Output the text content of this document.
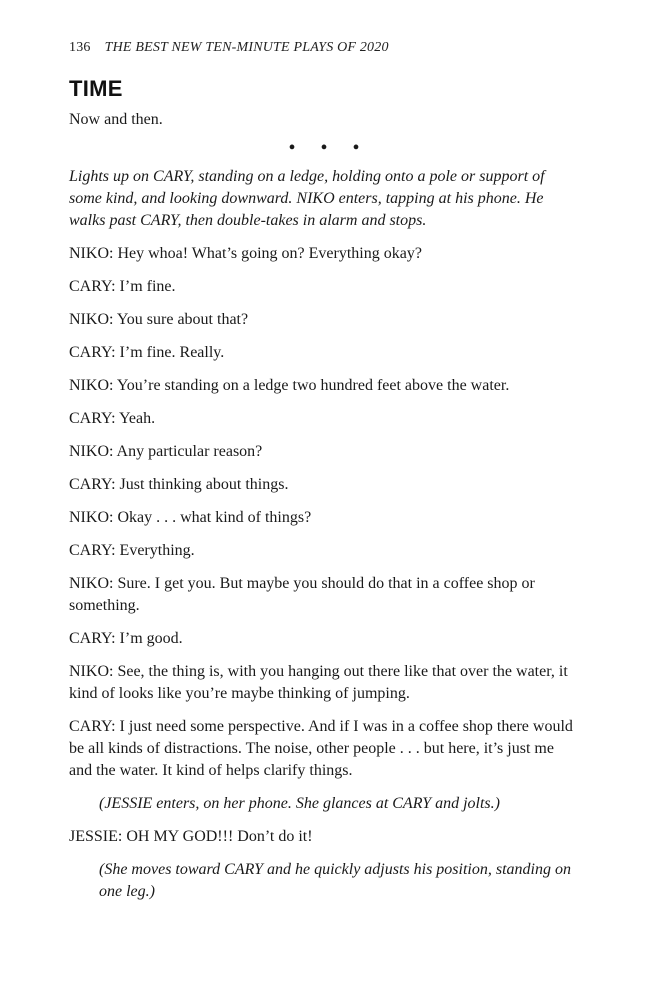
136 THE BEST NEW TEN-MINUTE PLAYS OF 2020
TIME

Now and then.

• • •

Lights up on CARY, standing on a ledge, holding onto a pole or support of some kind, and looking downward. NIKO enters, tapping at his phone. He walks past CARY, then double-takes in alarm and stops.

NIKO: Hey whoa! What’s going on? Everything okay?

CARY: I’m fine.

NIKO: You sure about that?

CARY: I’m fine. Really.

NIKO: You’re standing on a ledge two hundred feet above the water.

CARY: Yeah.

NIKO: Any particular reason?

CARY: Just thinking about things.

NIKO: Okay . . . what kind of things?

CARY: Everything.

NIKO: Sure. I get you. But maybe you should do that in a coffee shop or something.

CARY: I’m good.

NIKO: See, the thing is, with you hanging out there like that over the water, it kind of looks like you’re maybe thinking of jumping.

CARY: I just need some perspective. And if I was in a coffee shop there would be all kinds of distractions. The noise, other people . . . but here, it’s just me and the water. It kind of helps clarify things.

(JESSIE enters, on her phone. She glances at CARY and jolts.)

JESSIE: OH MY GOD!!! Don’t do it!

(She moves toward CARY and he quickly adjusts his position, standing on one leg.)
